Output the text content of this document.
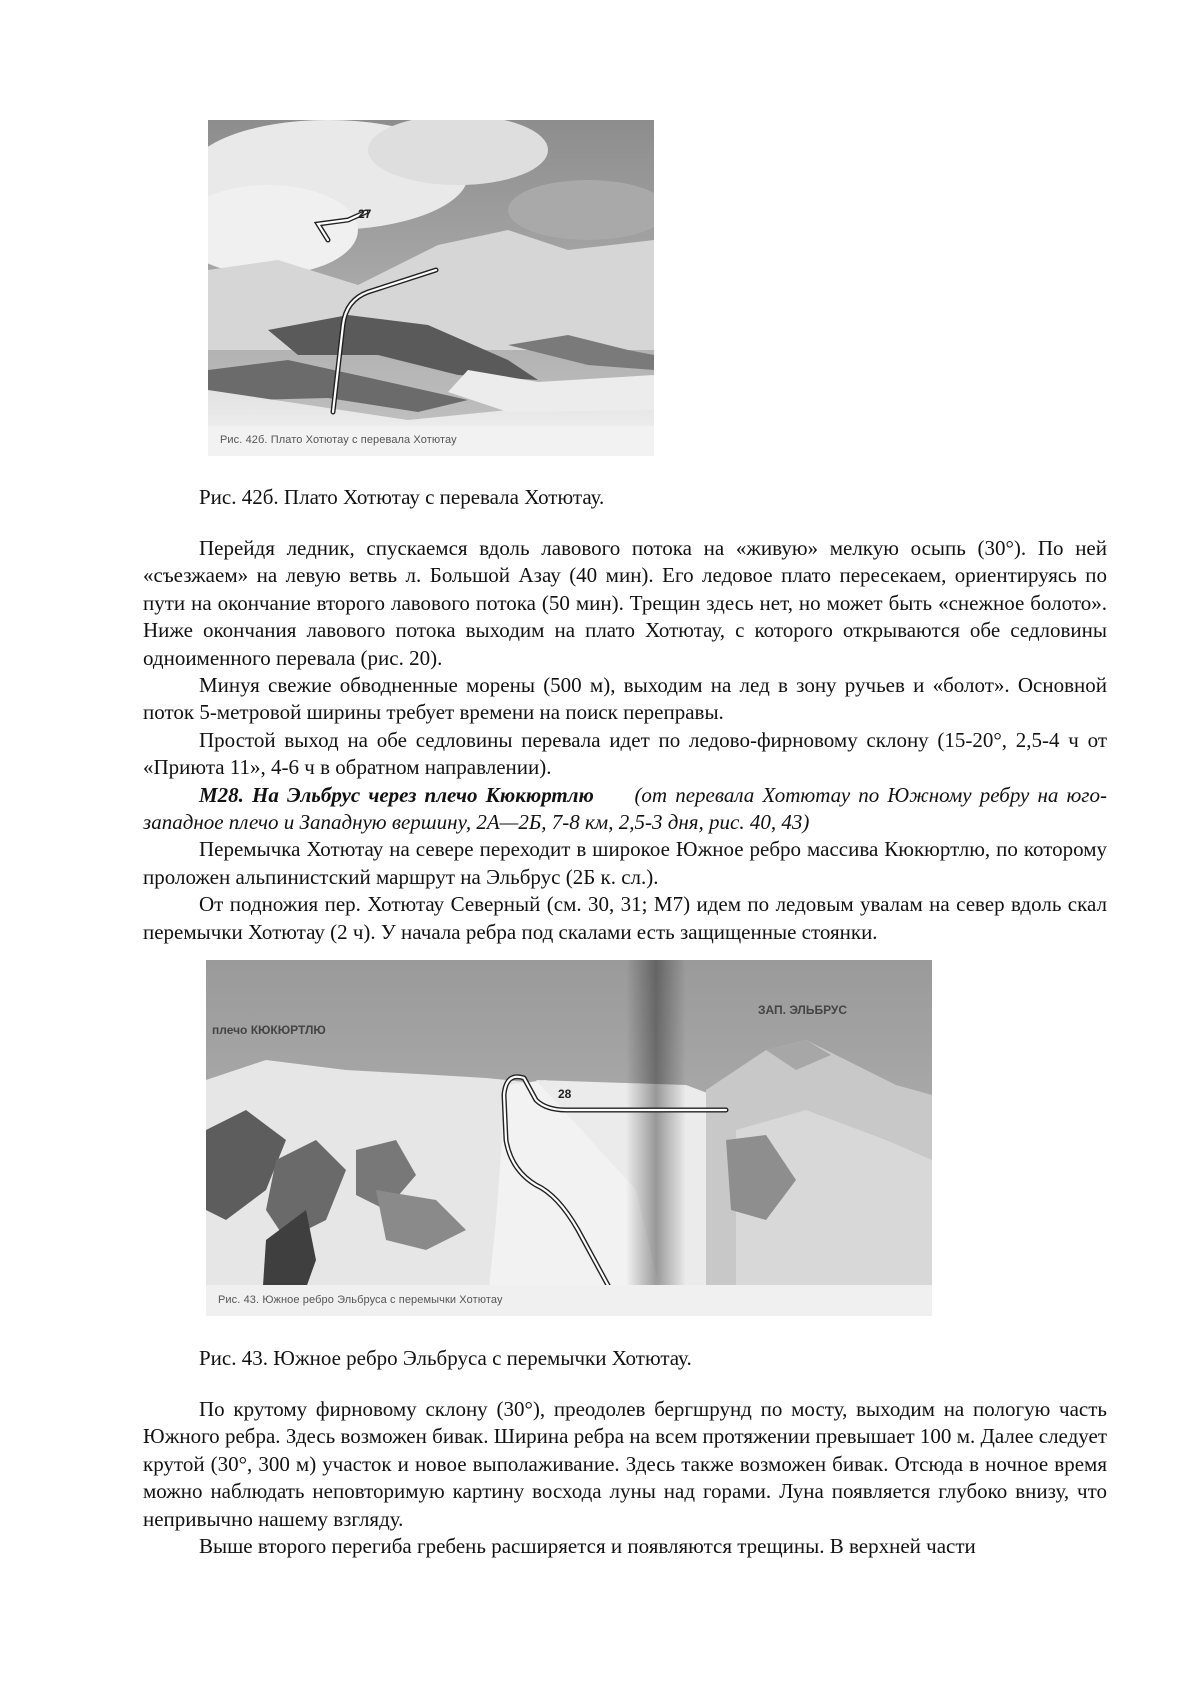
27
Рис. 42б. Плато Хотютау с перевала Хотютау
Рис. 42б. Плато Хотютау с перевала Хотютау.

Перейдя ледник, спускаемся вдоль лавового потока на «живую» мелкую осыпь (30°). По ней «съезжаем» на левую ветвь л. Большой Азау (40 мин). Его ледовое плато пересекаем, ориентируясь по пути на окончание второго лавового потока (50 мин). Трещин здесь нет, но может быть «снежное болото». Ниже окончания лавового потока выходим на плато Хотютау, с которого открываются обе седловины одноименного перевала (рис. 20).

Минуя свежие обводненные морены (500 м), выходим на лед в зону ручьев и «болот». Основной поток 5-метровой ширины требует времени на поиск переправы.

Простой выход на обе седловины перевала идет по ледово-фирновому склону (15-20°, 2,5-4 ч от «Приюта 11», 4-6 ч в обратном направлении).

М28. На Эльбрус через плечо Кюкюртлю (от перевала Хотютау по Южному ребру на юго-западное плечо и Западную вершину, 2А—2Б, 7-8 км, 2,5-3 дня, рис. 40, 43)

Перемычка Хотютау на севере переходит в широкое Южное ребро массива Кюкюртлю, по которому проложен альпинистский маршрут на Эльбрус (2Б к. сл.).

От подножия пер. Хотютау Северный (см. 30, 31; М7) идем по ледовым увалам на север вдоль скал перемычки Хотютау (2 ч). У начала ребра под скалами есть защищенные стоянки.

28
плечо КЮКЮРТЛЮ
ЗАП. ЭЛЬБРУС
Рис. 43. Южное ребро Эльбруса с перемычки Хотютау
Рис. 43. Южное ребро Эльбруса с перемычки Хотютау.

По крутому фирновому склону (30°), преодолев бергшрунд по мосту, выходим на пологую часть Южного ребра. Здесь возможен бивак. Ширина ребра на всем протяжении превышает 100 м. Далее следует крутой (30°, 300 м) участок и новое выполаживание. Здесь также возможен бивак. Отсюда в ночное время можно наблюдать неповторимую картину восхода луны над горами. Луна появляется глубоко внизу, что непривычно нашему взгляду.

Выше второго перегиба гребень расширяется и появляются трещины. В верхней части
